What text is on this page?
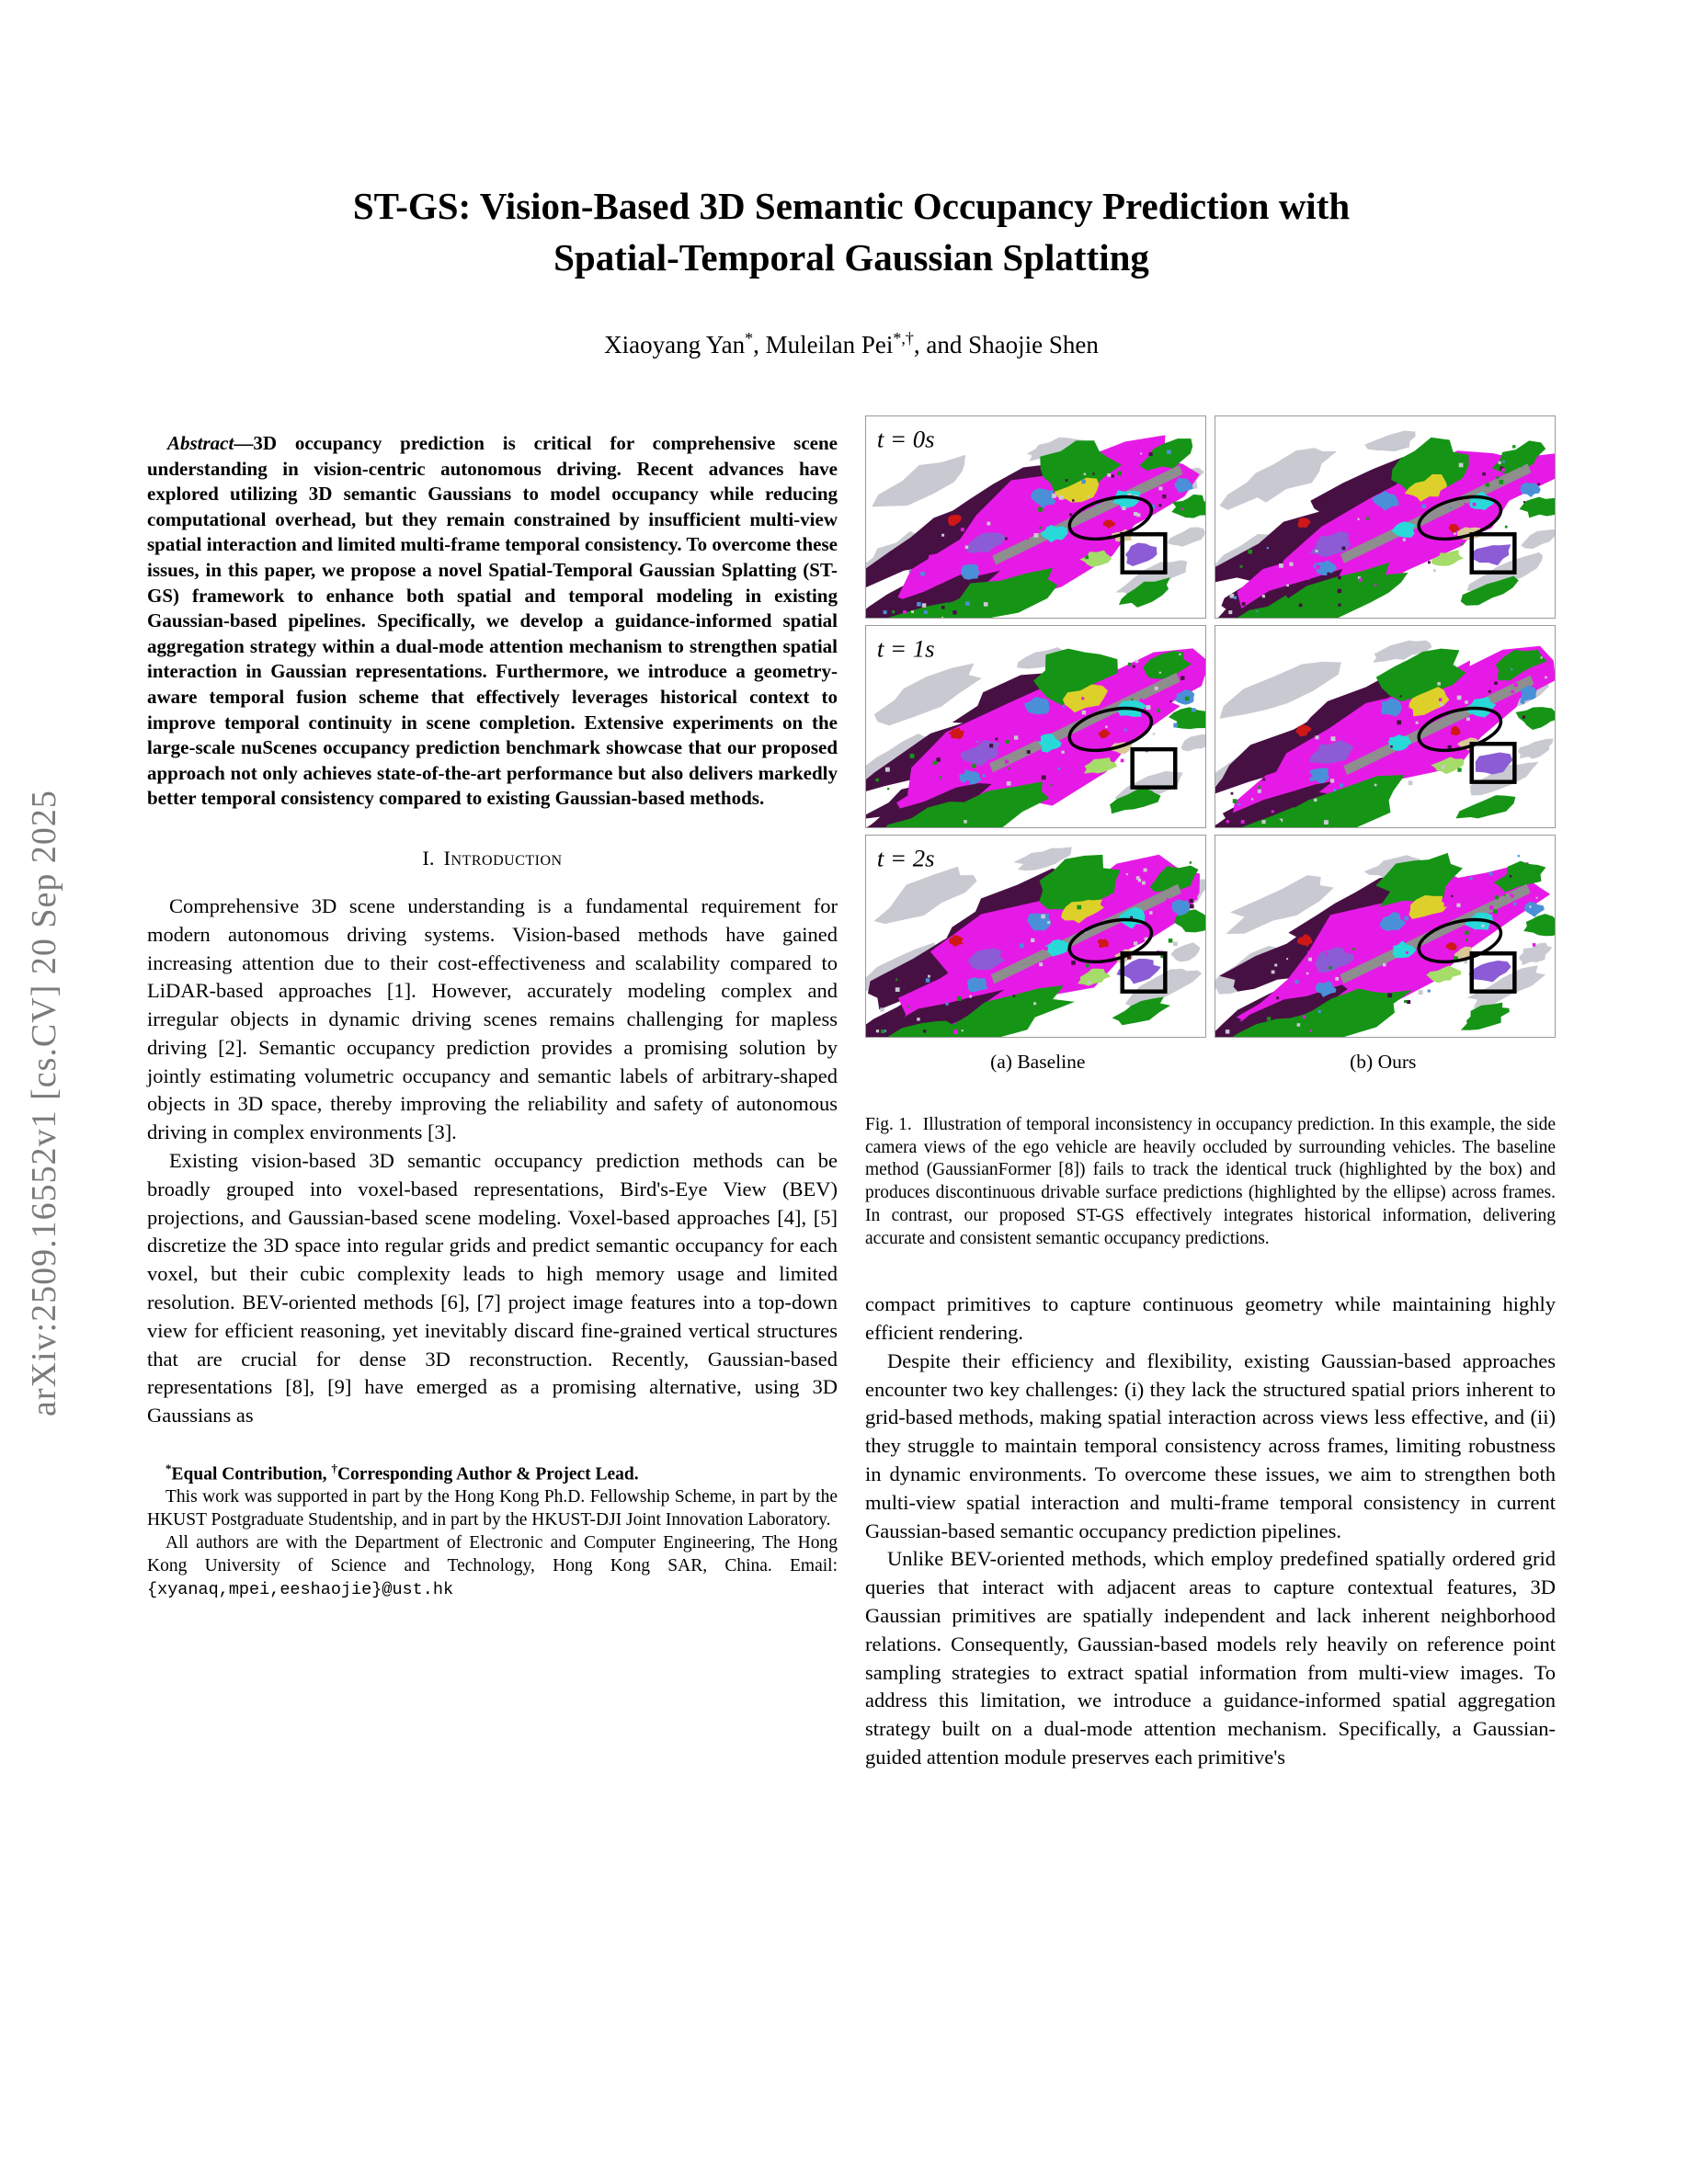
arXiv:2509.16552v1 [cs.CV] 20 Sep 2025
ST-GS: Vision-Based 3D Semantic Occupancy Prediction with
Spatial-Temporal Gaussian Splatting
Xiaoyang Yan*, Muleilan Pei*,†, and Shaojie Shen

Abstract—3D occupancy prediction is critical for comprehensive scene understanding in vision-centric autonomous driving. Recent advances have explored utilizing 3D semantic Gaussians to model occupancy while reducing computational overhead, but they remain constrained by insufficient multi-view spatial interaction and limited multi-frame temporal consistency. To overcome these issues, in this paper, we propose a novel Spatial-Temporal Gaussian Splatting (ST-GS) framework to enhance both spatial and temporal modeling in existing Gaussian-based pipelines. Specifically, we develop a guidance-informed spatial aggregation strategy within a dual-mode attention mechanism to strengthen spatial interaction in Gaussian representations. Furthermore, we introduce a geometry-aware temporal fusion scheme that effectively leverages historical context to improve temporal continuity in scene completion. Extensive experiments on the large-scale nuScenes occupancy prediction benchmark showcase that our proposed approach not only achieves state-of-the-art performance but also delivers markedly better temporal consistency compared to existing Gaussian-based methods.

I. Introduction

Comprehensive 3D scene understanding is a fundamental requirement for modern autonomous driving systems. Vision-based methods have gained increasing attention due to their cost-effectiveness and scalability compared to LiDAR-based approaches [1]. However, accurately modeling complex and irregular objects in dynamic driving scenes remains challenging for mapless driving [2]. Semantic occupancy prediction provides a promising solution by jointly estimating volumetric occupancy and semantic labels of arbitrary-shaped objects in 3D space, thereby improving the reliability and safety of autonomous driving in complex environments [3].

Existing vision-based 3D semantic occupancy prediction methods can be broadly grouped into voxel-based representations, Bird's-Eye View (BEV) projections, and Gaussian-based scene modeling. Voxel-based approaches [4], [5] discretize the 3D space into regular grids and predict semantic occupancy for each voxel, but their cubic complexity leads to high memory usage and limited resolution. BEV-oriented methods [6], [7] project image features into a top-down view for efficient reasoning, yet inevitably discard fine-grained vertical structures that are crucial for dense 3D reconstruction. Recently, Gaussian-based representations [8], [9] have emerged as a promising alternative, using 3D Gaussians as

*Equal Contribution, †Corresponding Author & Project Lead.

This work was supported in part by the Hong Kong Ph.D. Fellowship Scheme, in part by the HKUST Postgraduate Studentship, and in part by the HKUST-DJI Joint Innovation Laboratory.

All authors are with the Department of Electronic and Computer Engineering, The Hong Kong University of Science and Technology, Hong Kong SAR, China. Email: {xyanaq,mpei,eeshaojie}@ust.hk

t = 0s
t = 1s
t = 2s
(a) Baseline	(b) Ours
Fig. 1. Illustration of temporal inconsistency in occupancy prediction. In this example, the side camera views of the ego vehicle are heavily occluded by surrounding vehicles. The baseline method (GaussianFormer [8]) fails to track the identical truck (highlighted by the box) and produces discontinuous drivable surface predictions (highlighted by the ellipse) across frames. In contrast, our proposed ST-GS effectively integrates historical information, delivering accurate and consistent semantic occupancy predictions.

compact primitives to capture continuous geometry while maintaining highly efficient rendering.

Despite their efficiency and flexibility, existing Gaussian-based approaches encounter two key challenges: (i) they lack the structured spatial priors inherent to grid-based methods, making spatial interaction across views less effective, and (ii) they struggle to maintain temporal consistency across frames, limiting robustness in dynamic environments. To overcome these issues, we aim to strengthen both multi-view spatial interaction and multi-frame temporal consistency in current Gaussian-based semantic occupancy prediction pipelines.

Unlike BEV-oriented methods, which employ predefined spatially ordered grid queries that interact with adjacent areas to capture contextual features, 3D Gaussian primitives are spatially independent and lack inherent neighborhood relations. Consequently, Gaussian-based models rely heavily on reference point sampling strategies to extract spatial information from multi-view images. To address this limitation, we introduce a guidance-informed spatial aggregation strategy built on a dual-mode attention mechanism. Specifically, a Gaussian-guided attention module preserves each primitive's
